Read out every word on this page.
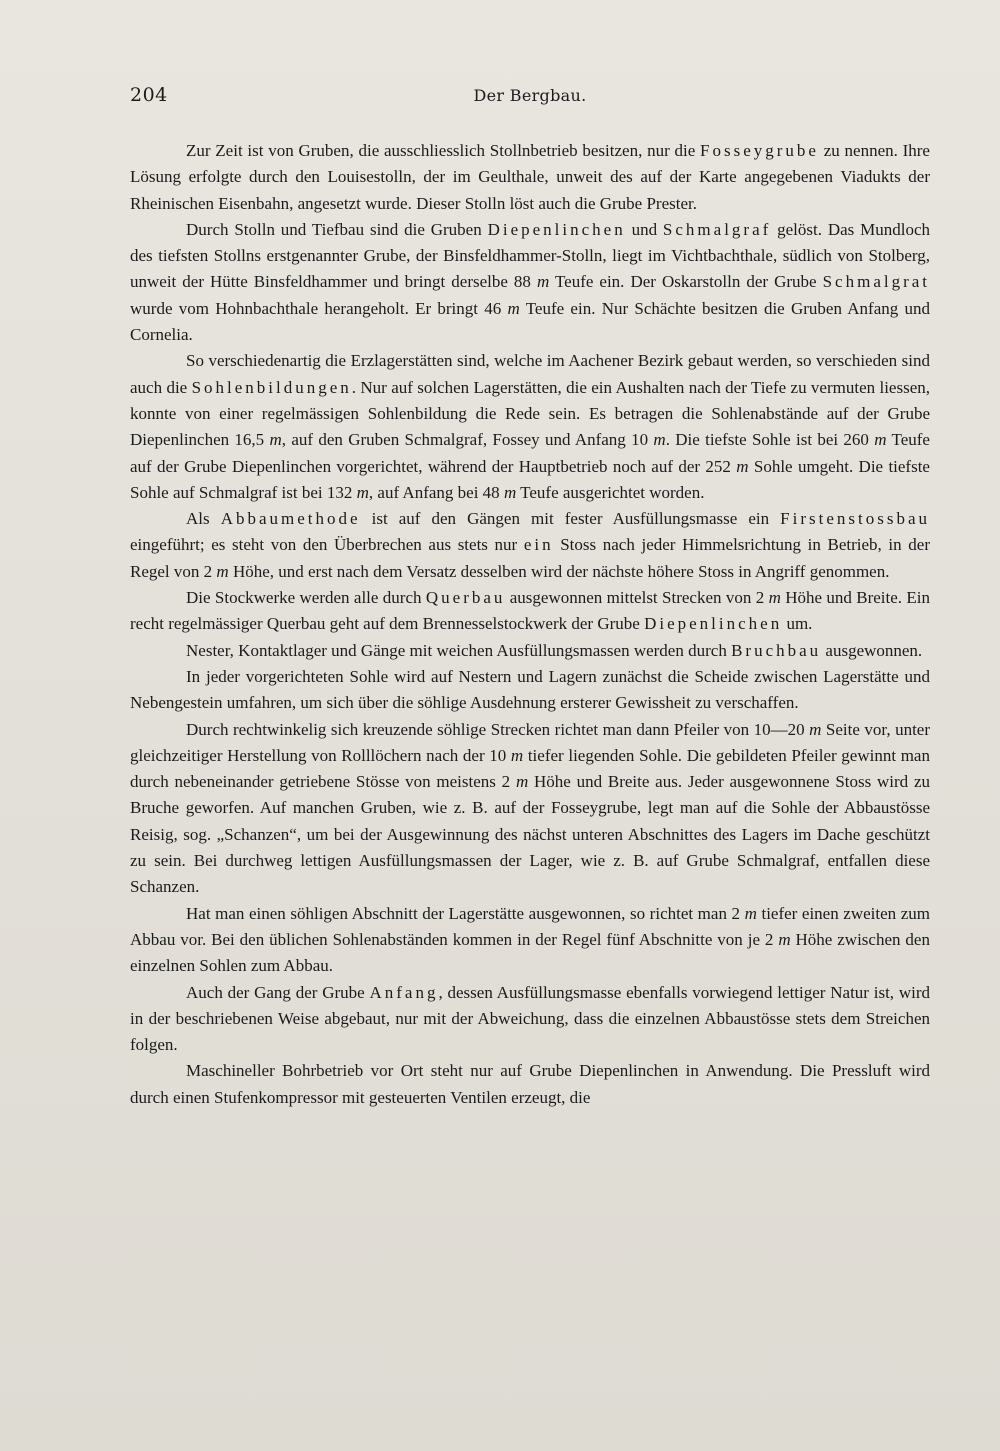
204	Der Bergbau.

Zur Zeit ist von Gruben, die ausschliesslich Stollnbetrieb besitzen, nur die Fosseygrube zu nennen. Ihre Lösung erfolgte durch den Louisestolln, der im Geulthale, unweit des auf der Karte angegebenen Viadukts der Rheinischen Eisenbahn, angesetzt wurde. Dieser Stolln löst auch die Grube Prester.

Durch Stolln und Tiefbau sind die Gruben Diepenlinchen und Schmalgraf gelöst. Das Mundloch des tiefsten Stollns erstgenannter Grube, der Binsfeldhammer-Stolln, liegt im Vichtbachthale, südlich von Stolberg, unweit der Hütte Binsfeldhammer und bringt derselbe 88 m Teufe ein. Der Oskarstolln der Grube Schmalgrat wurde vom Hohnbachthale herangeholt. Er bringt 46 m Teufe ein. Nur Schächte besitzen die Gruben Anfang und Cornelia.

So verschiedenartig die Erzlagerstätten sind, welche im Aachener Bezirk gebaut werden, so verschieden sind auch die Sohlenbildungen. Nur auf solchen Lagerstätten, die ein Aushalten nach der Tiefe zu vermuten liessen, konnte von einer regelmässigen Sohlenbildung die Rede sein. Es betragen die Sohlenabstände auf der Grube Diepenlinchen 16,5 m, auf den Gruben Schmalgraf, Fossey und Anfang 10 m. Die tiefste Sohle ist bei 260 m Teufe auf der Grube Diepenlinchen vorgerichtet, während der Hauptbetrieb noch auf der 252 m Sohle umgeht. Die tiefste Sohle auf Schmalgraf ist bei 132 m, auf Anfang bei 48 m Teufe ausgerichtet worden.

Als Abbaumethode ist auf den Gängen mit fester Ausfüllungsmasse ein Firstenstossbau eingeführt; es steht von den Überbrechen aus stets nur ein Stoss nach jeder Himmelsrichtung in Betrieb, in der Regel von 2 m Höhe, und erst nach dem Versatz desselben wird der nächste höhere Stoss in Angriff genommen.

Die Stockwerke werden alle durch Querbau ausgewonnen mittelst Strecken von 2 m Höhe und Breite. Ein recht regelmässiger Querbau geht auf dem Brennesselstockwerk der Grube Diepenlinchen um.

Nester, Kontaktlager und Gänge mit weichen Ausfüllungsmassen werden durch Bruchbau ausgewonnen.

In jeder vorgerichteten Sohle wird auf Nestern und Lagern zunächst die Scheide zwischen Lagerstätte und Nebengestein umfahren, um sich über die söhlige Ausdehnung ersterer Gewissheit zu verschaffen.

Durch rechtwinkelig sich kreuzende söhlige Strecken richtet man dann Pfeiler von 10—20 m Seite vor, unter gleichzeitiger Herstellung von Rolllöchern nach der 10 m tiefer liegenden Sohle. Die gebildeten Pfeiler gewinnt man durch nebeneinander getriebene Stösse von meistens 2 m Höhe und Breite aus. Jeder ausgewonnene Stoss wird zu Bruche geworfen. Auf manchen Gruben, wie z. B. auf der Fosseygrube, legt man auf die Sohle der Abbaustösse Reisig, sog. „Schanzen“, um bei der Ausgewinnung des nächst unteren Abschnittes des Lagers im Dache geschützt zu sein. Bei durchweg lettigen Ausfüllungsmassen der Lager, wie z. B. auf Grube Schmalgraf, entfallen diese Schanzen.

Hat man einen söhligen Abschnitt der Lagerstätte ausgewonnen, so richtet man 2 m tiefer einen zweiten zum Abbau vor. Bei den üblichen Sohlenabständen kommen in der Regel fünf Abschnitte von je 2 m Höhe zwischen den einzelnen Sohlen zum Abbau.

Auch der Gang der Grube Anfang, dessen Ausfüllungsmasse ebenfalls vorwiegend lettiger Natur ist, wird in der beschriebenen Weise abgebaut, nur mit der Abweichung, dass die einzelnen Abbaustösse stets dem Streichen folgen.

Maschineller Bohrbetrieb vor Ort steht nur auf Grube Diepenlinchen in Anwendung. Die Pressluft wird durch einen Stufenkompressor mit gesteuerten Ventilen erzeugt, die
